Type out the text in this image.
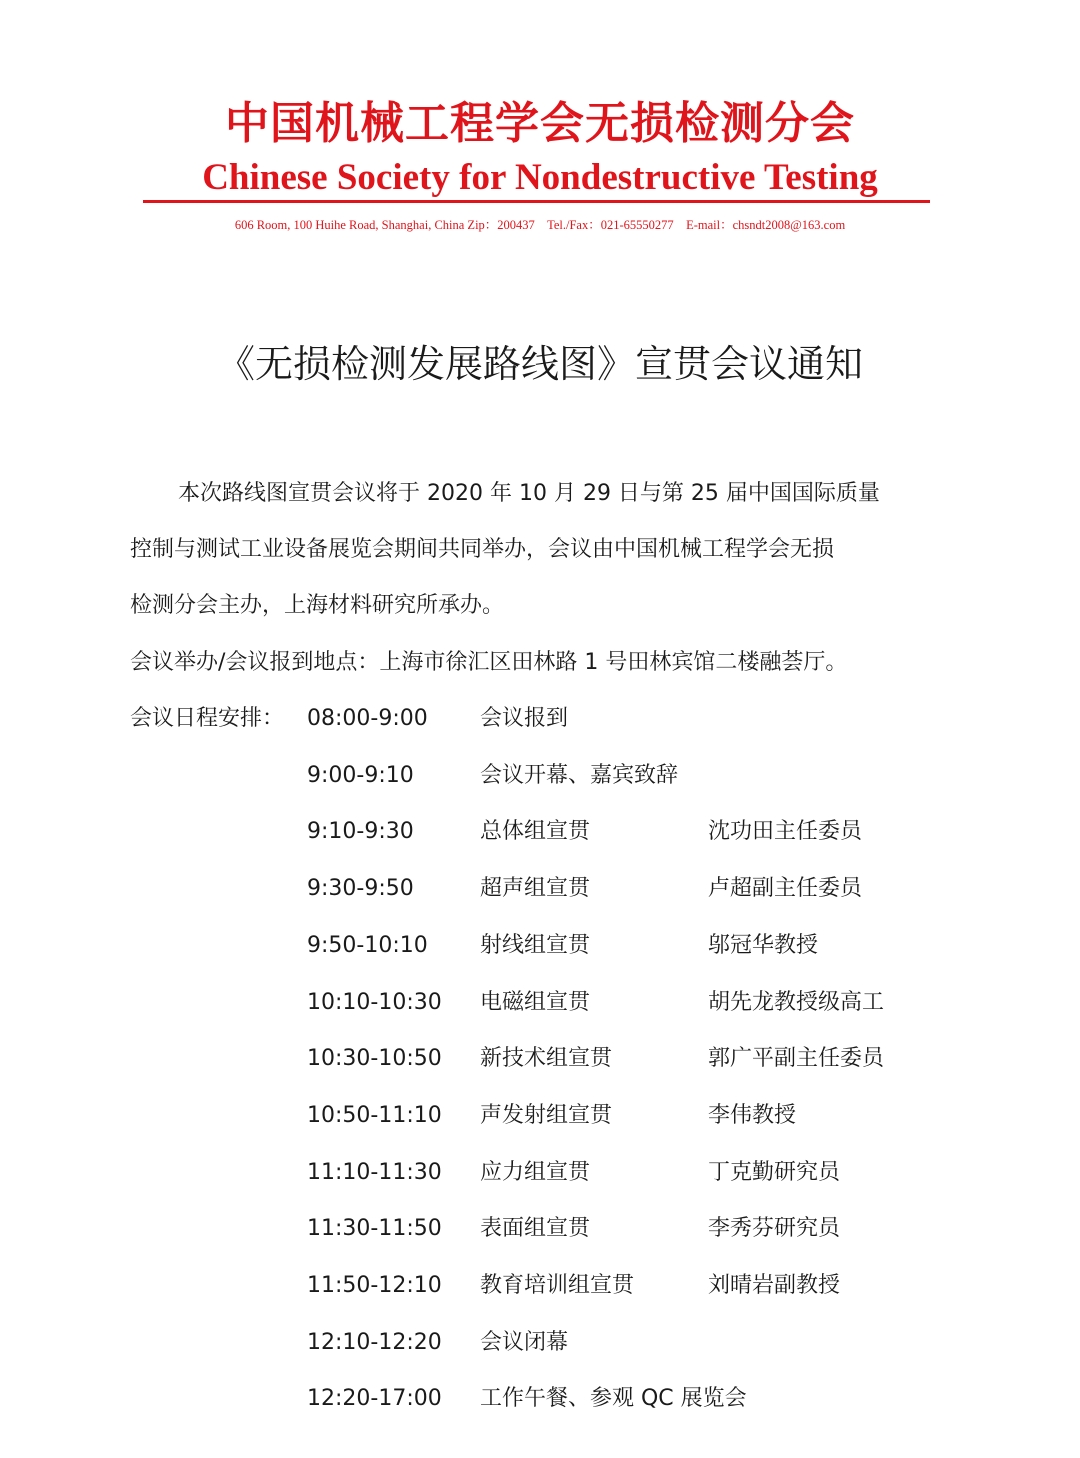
中国机械工程学会无损检测分会
Chinese Society for Nondestructive Testing
606 Room, 100 Huihe Road, Shanghai, China Zip：200437    Tel./Fax：021-65550277    E-mail：chsndt2008@163.com
《无损检测发展路线图》宣贯会议通知
本次路线图宣贯会议将于 2020 年 10 月 29 日与第 25 届中国国际质量
控制与测试工业设备展览会期间共同举办，会议由中国机械工程学会无损
检测分会主办，上海材料研究所承办。
会议举办/会议报到地点：上海市徐汇区田林路 1 号田林宾馆二楼融荟厅。
会议日程安排： 08:00-9:00 会议报到
9:00-9:10	会议开幕、嘉宾致辞
9:10-9:30	总体组宣贯	沈功田主任委员
9:30-9:50	超声组宣贯	卢超副主任委员
9:50-10:10 射线组宣贯	邬冠华教授
10:10-10:30 电磁组宣贯	胡先龙教授级高工
10:30-10:50 新技术组宣贯	郭广平副主任委员
10:50-11:10 声发射组宣贯	李伟教授
11:10-11:30 应力组宣贯	丁克勤研究员
11:30-11:50 表面组宣贯	李秀芬研究员
11:50-12:10 教育培训组宣贯	刘晴岩副教授
12:10-12:20 会议闭幕
12:20-17:00 工作午餐、参观 QC 展览会
